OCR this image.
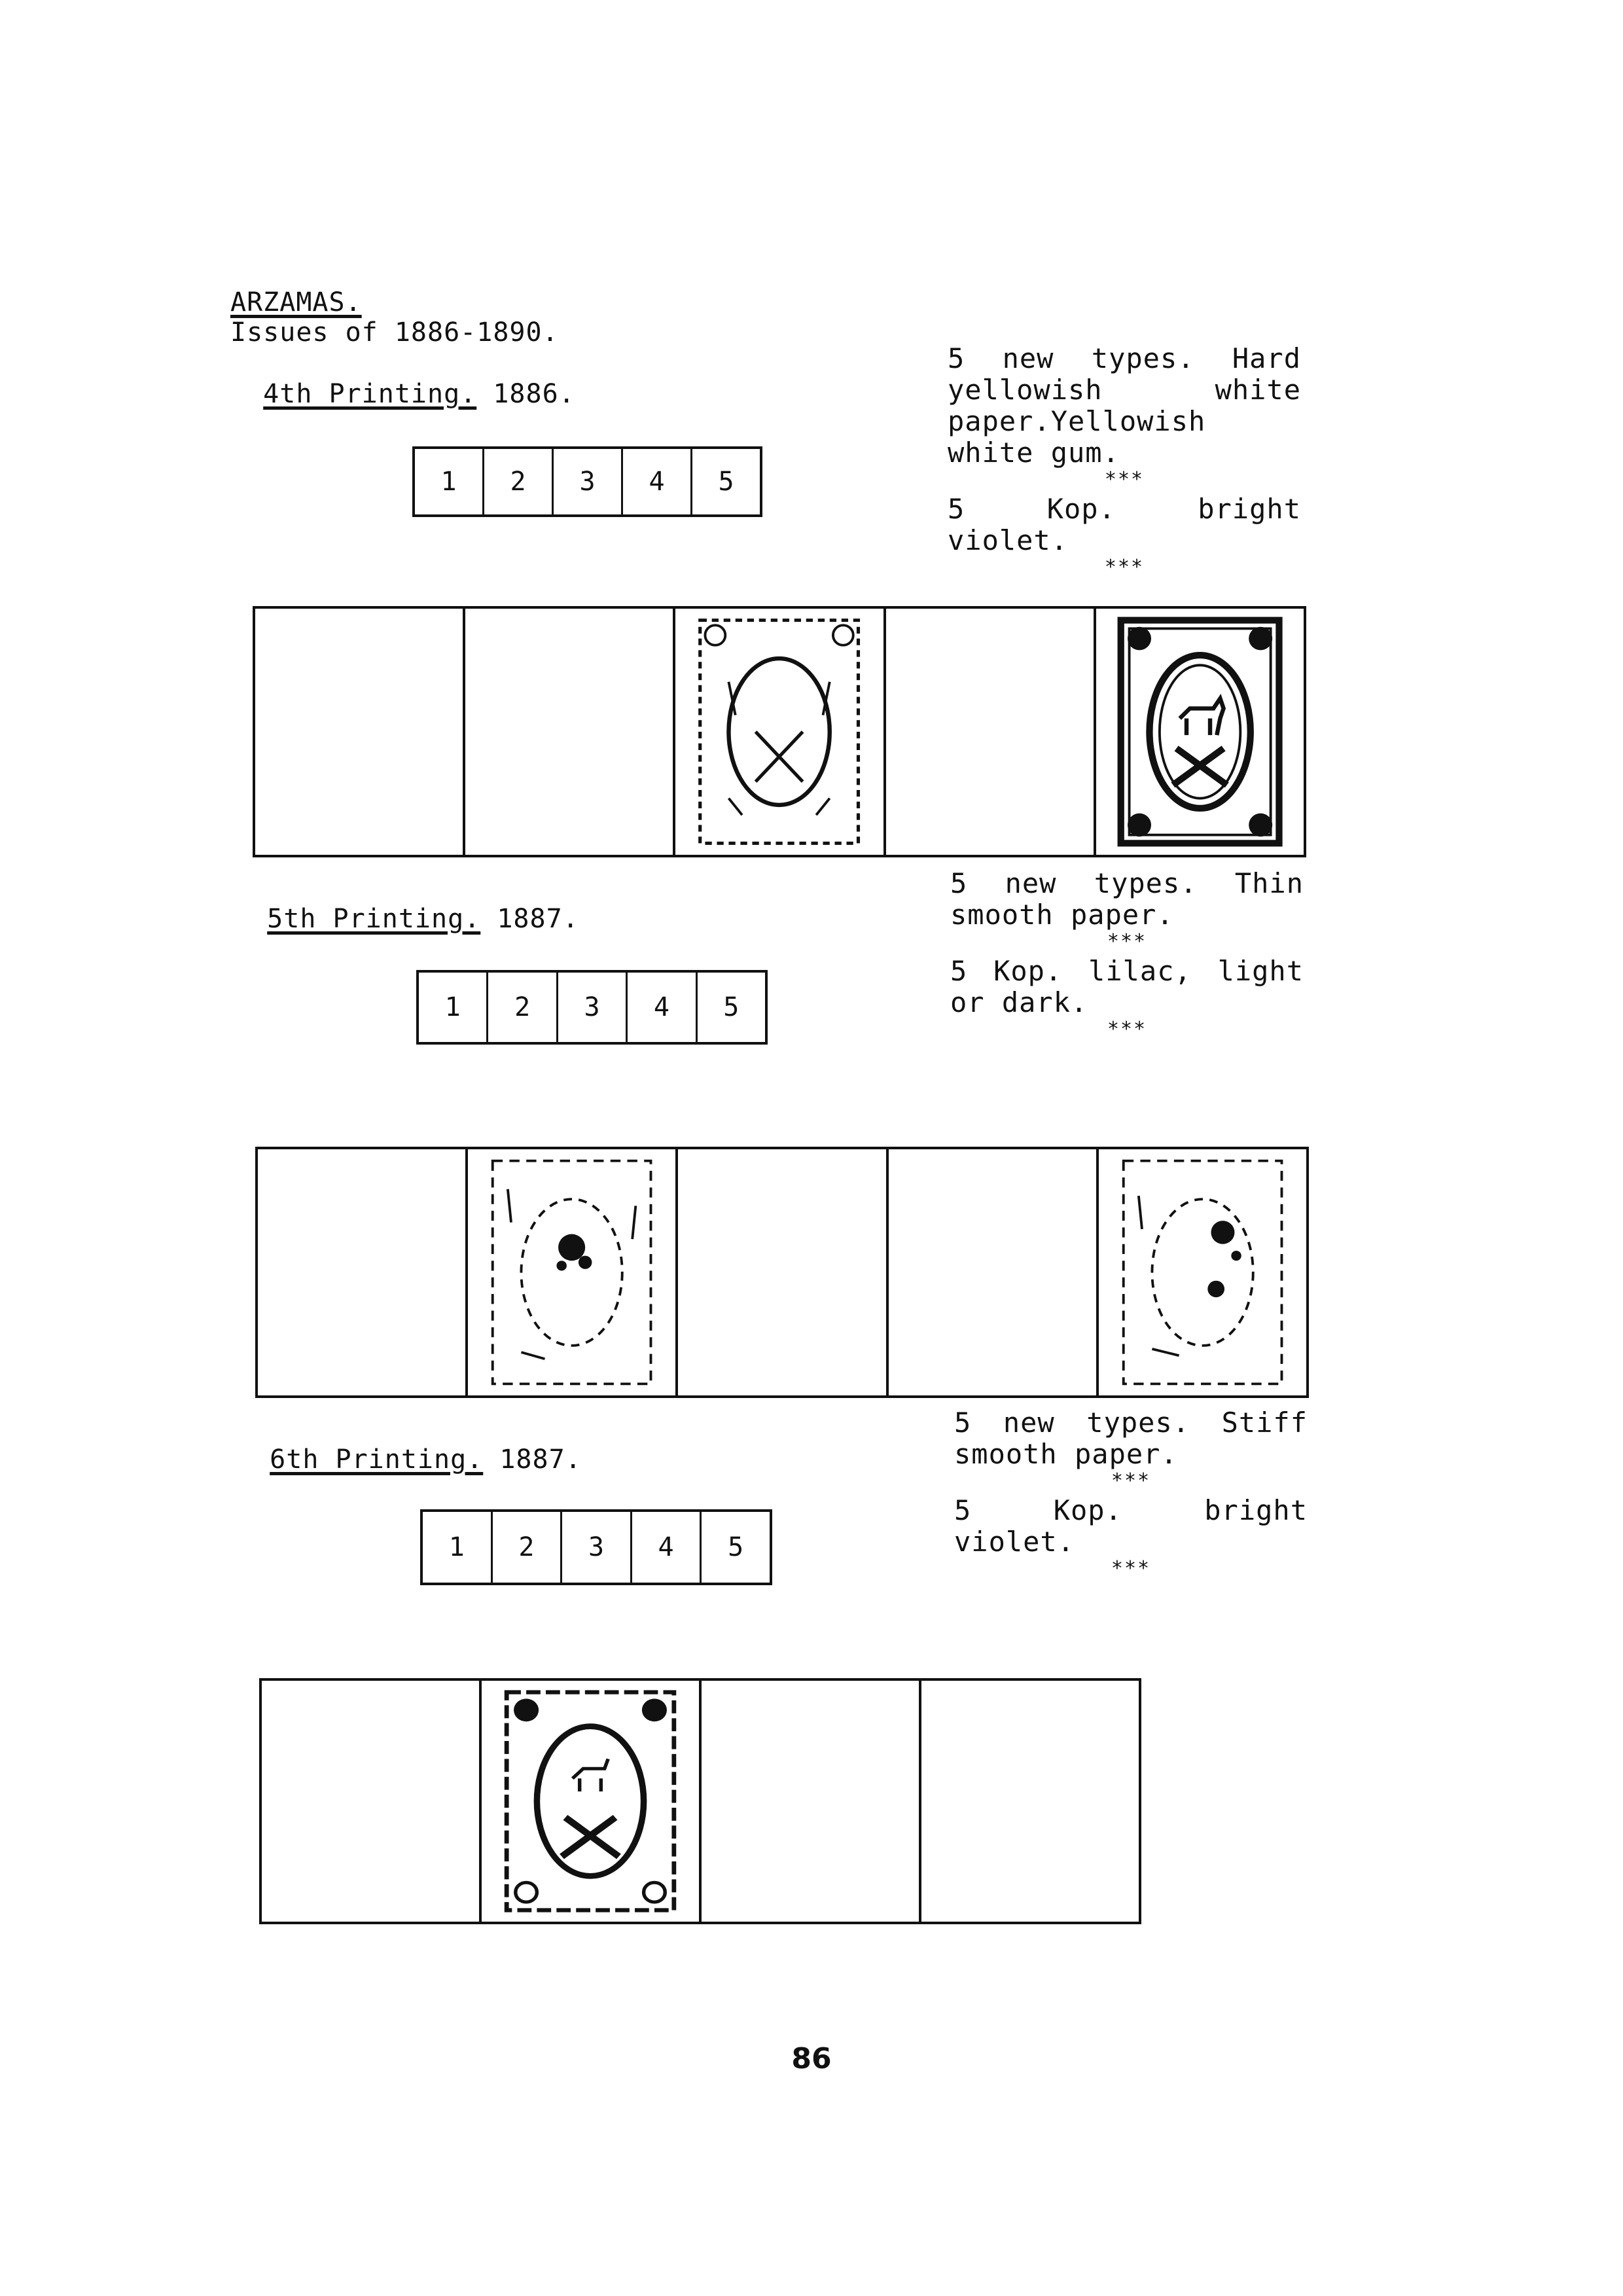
ARZAMAS.
Issues of 1886-1890.

4th Printing. 1886.

5 new types. Hard yellowish white paper.Yellowish white gum.

***

5 Kop. bright violet.

***
1	2	3	4	5

5th Printing. 1887.

5 new types. Thin smooth paper.

***

5 Kop. lilac, light or dark.

***
1	2	3	4	5

6th Printing. 1887.

5 new types. Stiff smooth paper.

***

5 Kop. bright violet.

***
1	2	3	4	5
86
